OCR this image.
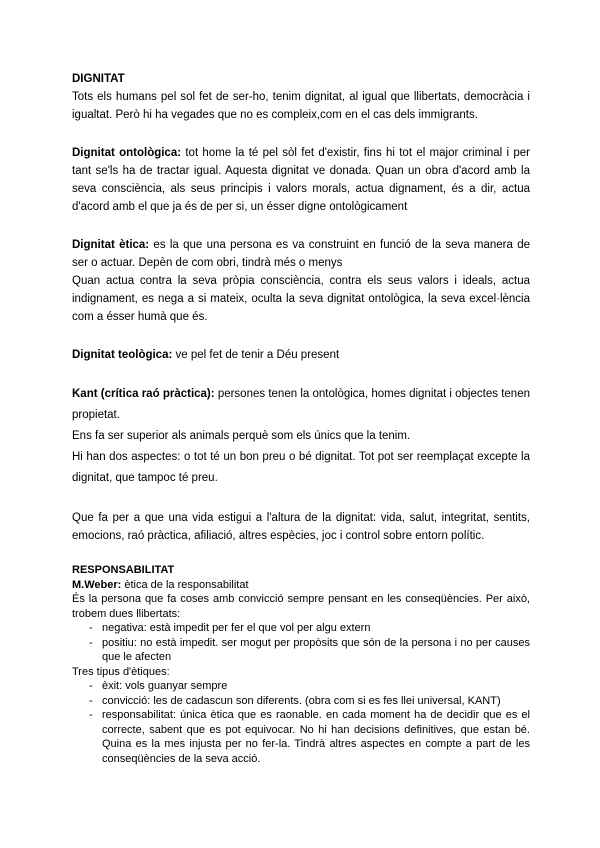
DIGNITAT

Tots els humans pel sol fet de ser-ho, tenim dignitat, al igual que llibertats, democràcia i igualtat. Però hi ha vegades que no es compleix,com en el cas dels immigrants.

Dignitat ontològica: tot home la té pel sòl fet d'existir, fins hi tot el major criminal i per tant se'ls ha de tractar igual. Aquesta dignitat ve donada. Quan un obra d'acord amb la seva consciència, als seus principis i valors morals, actua dignament, és a dir, actua d'acord amb el que ja és de per si, un ésser digne ontològicament

Dignitat ètica: es la que una persona es va construint en funció de la seva manera de ser o actuar. Depèn de com obri, tindrà més o menys

Quan actua contra la seva pròpia consciència, contra els seus valors i ideals, actua indignament, es nega a si mateix, oculta la seva dignitat ontològica, la seva excel·lència com a ésser humà que és.

Dignitat teològica: ve pel fet de tenir a Déu present

Kant (crítica raó pràctica): persones tenen la ontològica, homes dignitat i objectes tenen propietat.

Ens fa ser superior als animals perquè som els únics que la tenim.

Hi han dos aspectes: o tot té un bon preu o bé dignitat. Tot pot ser reemplaçat excepte la dignitat, que tampoc té preu.

Que fa per a que una vida estigui a l'altura de la dignitat: vida, salut, integritat, sentits, emocions, raó pràctica, afiliació, altres espècies, joc i control sobre entorn polític.

RESPONSABILITAT

M.Weber: ètica de la responsabilitat

És la persona que fa coses amb convicció sempre pensant en les conseqüències. Per això, trobem dues llibertats:

- negativa: està impedit per fer el que vol per algu extern

- positiu: no està impedit. ser mogut per propòsits que són de la persona i no per causes que le afecten

Tres tipus d'ètiques:

- èxit: vols guanyar sempre

- convicció: les de cadascun son diferents. (obra com si es fes llei universal, KANT)

- responsabilitat: única ètica que es raonable. en cada moment ha de decidir que es el correcte, sabent que es pot equivocar. No hi han decisions definitives, que estan bé. Quina es la mes injusta per no fer-la. Tindrà altres aspectes en compte a part de les conseqüències de la seva acció.
